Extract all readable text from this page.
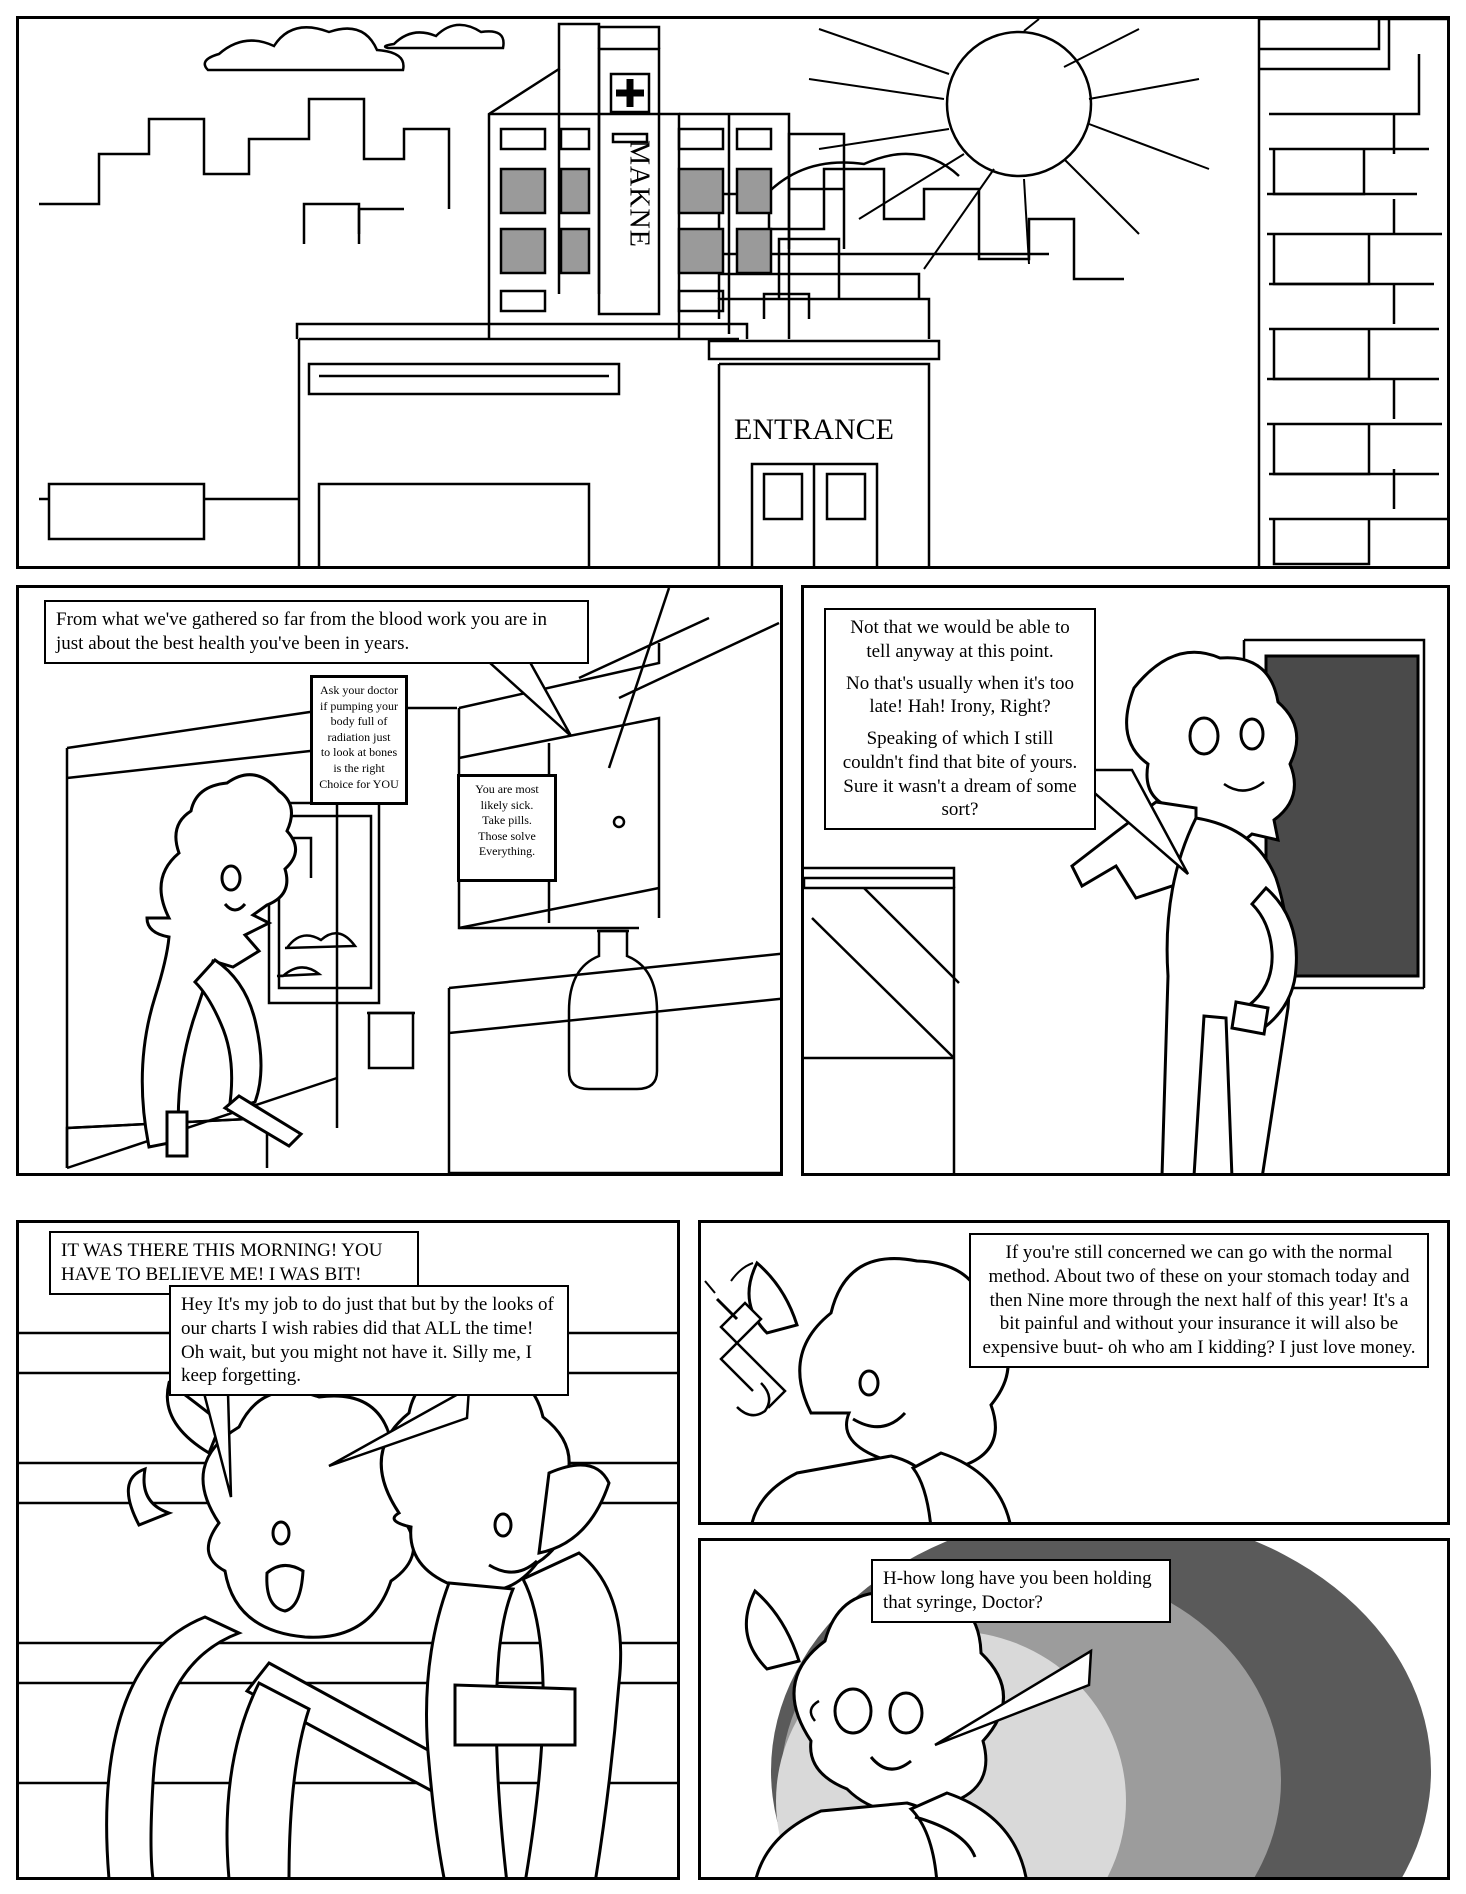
MAKNE
ENTRANCE
Ask your doctor
if pumping your
body full of
radiation just
to look at bones
is the right
Choice for YOU	You are most
likely sick.
Take pills.
Those solve
Everything.

From what we've gathered so far from the blood work you are in just about the best health you've been in years.

Not that we would be able to tell anyway at this point.

No that's usually when it's too late! Hah! Irony, Right?

Speaking of which I still couldn't find that bite of yours. Sure it wasn't a dream of some sort?

IT WAS THERE THIS MORNING! YOU HAVE TO BELIEVE ME! I WAS BIT!

Hey It's my job to do just that but by the looks of our charts I wish rabies did that ALL the time! Oh wait, but you might not have it. Silly me, I keep forgetting.

If you're still concerned we can go with the normal method. About two of these on your stomach today and then Nine more through the next half of this year! It's a bit painful and without your insurance it will also be expensive buut- oh who am I kidding? I just love money.

H-how long have you been holding that syringe, Doctor?
